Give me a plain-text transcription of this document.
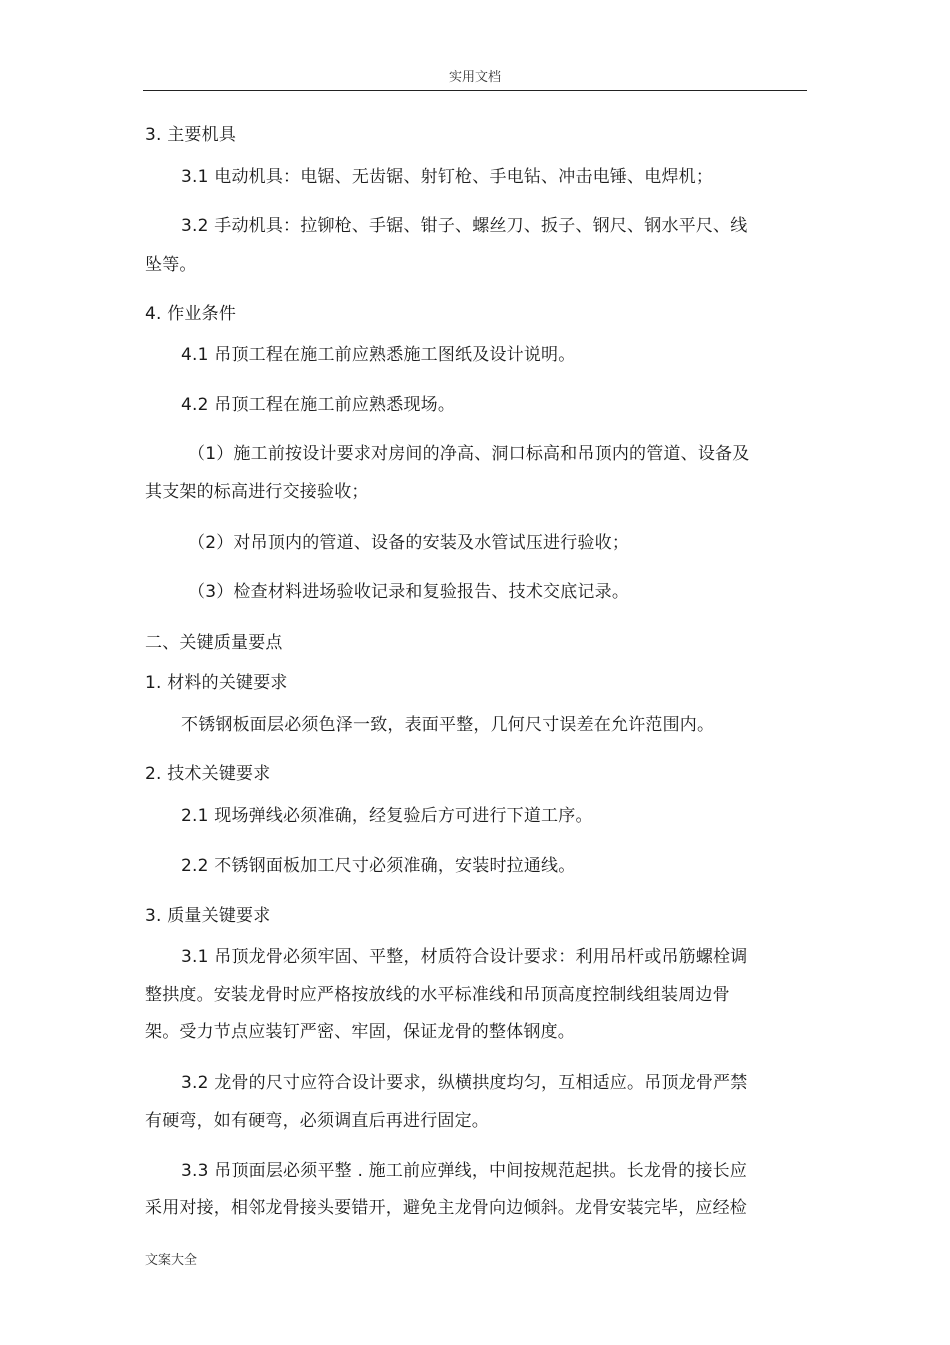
实用文档
3. 主要机具
3.1 电动机具：电锯、无齿锯、射钉枪、手电钻、冲击电锤、电焊机；
3.2 手动机具：拉铆枪、手锯、钳子、螺丝刀、扳子、钢尺、钢水平尺、线
坠等。
4. 作业条件
4.1 吊顶工程在施工前应熟悉施工图纸及设计说明。
4.2 吊顶工程在施工前应熟悉现场。
（1）施工前按设计要求对房间的净高、洞口标高和吊顶内的管道、设备及
其支架的标高进行交接验收；
（2）对吊顶内的管道、设备的安装及水管试压进行验收；
（3）检查材料进场验收记录和复验报告、技术交底记录。
二、关键质量要点
1. 材料的关键要求
不锈钢板面层必须色泽一致，表面平整，几何尺寸误差在允许范围内。
2. 技术关键要求
2.1 现场弹线必须准确，经复验后方可进行下道工序。
2.2 不锈钢面板加工尺寸必须准确，安装时拉通线。
3. 质量关键要求
3.1 吊顶龙骨必须牢固、平整，材质符合设计要求：利用吊杆或吊筋螺栓调
整拱度。安装龙骨时应严格按放线的水平标准线和吊顶高度控制线组装周边骨
架。受力节点应装钉严密、牢固，保证龙骨的整体钢度。
3.2 龙骨的尺寸应符合设计要求，纵横拱度均匀，互相适应。吊顶龙骨严禁
有硬弯，如有硬弯，必须调直后再进行固定。
3.3 吊顶面层必须平整 . 施工前应弹线，中间按规范起拱。长龙骨的接长应
采用对接，相邻龙骨接头要错开，避免主龙骨向边倾斜。龙骨安装完毕，应经检
文案大全
